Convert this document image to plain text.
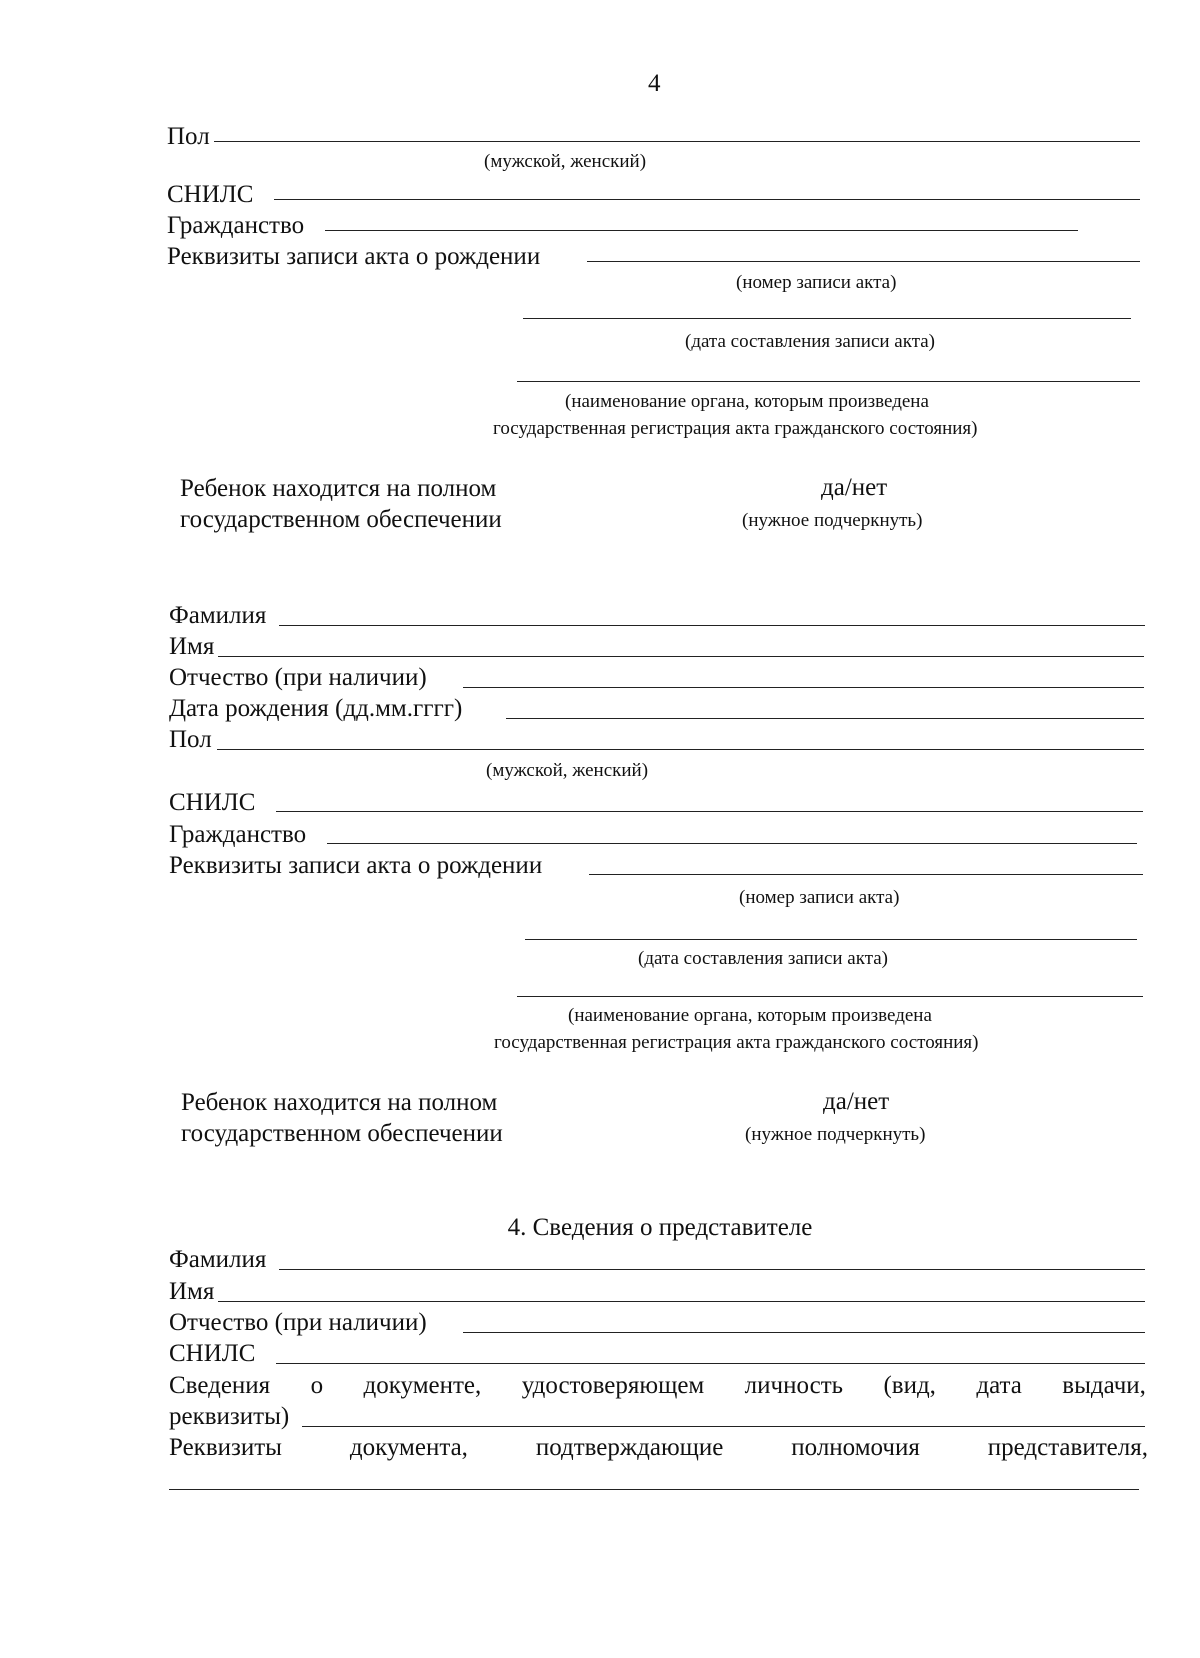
4
Пол
(мужской, женский)
СНИЛС
Гражданство
Реквизиты записи акта о рождении
(номер записи акта)
(дата составления записи акта)
(наименование органа, которым произведена
государственная регистрация акта гражданского состояния)
Ребенок находится на полном
государственном обеспечении
да/нет
(нужное подчеркнуть)
Фамилия
Имя
Отчество (при наличии)
Дата рождения (дд.мм.гггг)
Пол
(мужской, женский)
СНИЛС
Гражданство
Реквизиты записи акта о рождении
(номер записи акта)
(дата составления записи акта)
(наименование органа, которым произведена
государственная регистрация акта гражданского состояния)
Ребенок находится на полном
государственном обеспечении
да/нет
(нужное подчеркнуть)
4. Сведения о представителе
Фамилия
Имя
Отчество (при наличии)
СНИЛС
Сведения о документе, удостоверяющем личность (вид, дата выдачи,
реквизиты)
Реквизиты	документа,	подтверждающие	полномочия	представителя,
